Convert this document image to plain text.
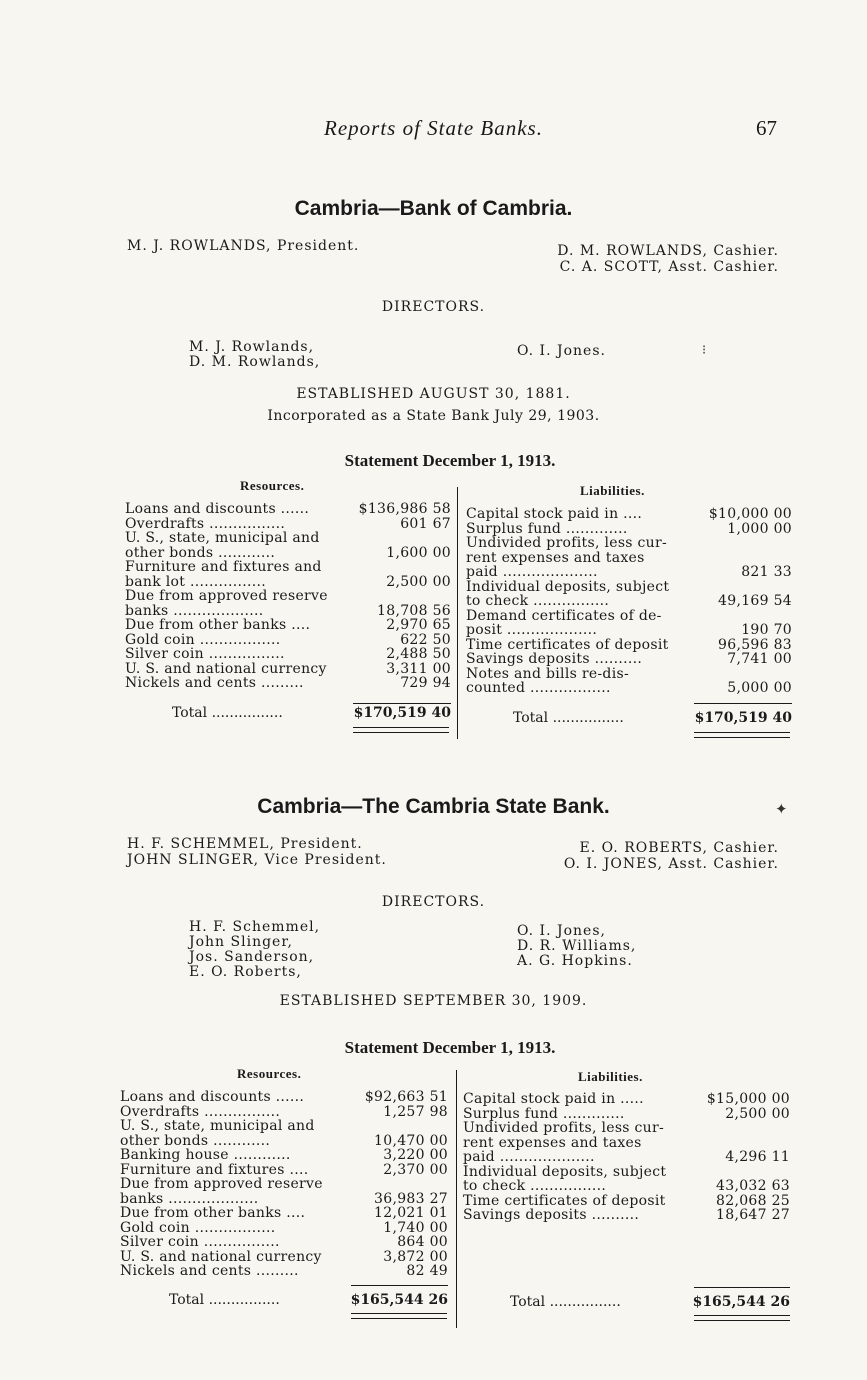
Reports of State Banks.	67
Cambria—Bank of Cambria.
M. J. ROWLANDS, President.	D. M. ROWLANDS, Cashier.
C. A. SCOTT, Asst. Cashier.
DIRECTORS.
M. J. Rowlands,
D. M. Rowlands,
O. I. Jones.	⁝
ESTABLISHED AUGUST 30, 1881.
Incorporated as a State Bank July 29, 1903.
Statement December 1, 1913.
Resources.	Liabilities.
Loans and discounts ......	$136,986 58
Overdrafts ................	601 67
U. S., state, municipal and
other bonds ............	1,600 00
Furniture and fixtures and
bank lot ................	2,500 00
Due from approved reserve
banks ...................	18,708 56
Due from other banks ....	2,970 65
Gold coin .................	622 50
Silver coin ................	2,488 50
U. S. and national currency	3,311 00
Nickels and cents .........	729 94
Capital stock paid in ....	$10,000 00
Surplus fund .............	1,000 00
Undivided profits, less cur-
rent expenses and taxes
paid ....................	821 33
Individual deposits, subject
to check ................	49,169 54
Demand certificates of de-
posit ...................	190 70
Time certificates of deposit	96,596 83
Savings deposits ..........	7,741 00
Notes and bills re-dis-
counted .................	5,000 00
Total ................	$170,519 40	Total ................	$170,519 40
Cambria—The Cambria State Bank.	✦
H. F. SCHEMMEL, President.
JOHN SLINGER, Vice President.
E. O. ROBERTS, Cashier.
O. I. JONES, Asst. Cashier.
DIRECTORS.
H. F. Schemmel,
John Slinger,
Jos. Sanderson,
E. O. Roberts,
O. I. Jones,
D. R. Williams,
A. G. Hopkins.
ESTABLISHED SEPTEMBER 30, 1909.
Statement December 1, 1913.
Resources.	Liabilities.
Loans and discounts ......	$92,663 51
Overdrafts ................	1,257 98
U. S., state, municipal and
other bonds ............	10,470 00
Banking house ............	3,220 00
Furniture and fixtures ....	2,370 00
Due from approved reserve
banks ...................	36,983 27
Due from other banks ....	12,021 01
Gold coin .................	1,740 00
Silver coin ................	864 00
U. S. and national currency	3,872 00
Nickels and cents .........	82 49
Capital stock paid in .....	$15,000 00
Surplus fund .............	2,500 00
Undivided profits, less cur-
rent expenses and taxes
paid ....................	4,296 11
Individual deposits, subject
to check ................	43,032 63
Time certificates of deposit	82,068 25
Savings deposits ..........	18,647 27
Total ................	$165,544 26	Total ................	$165,544 26
